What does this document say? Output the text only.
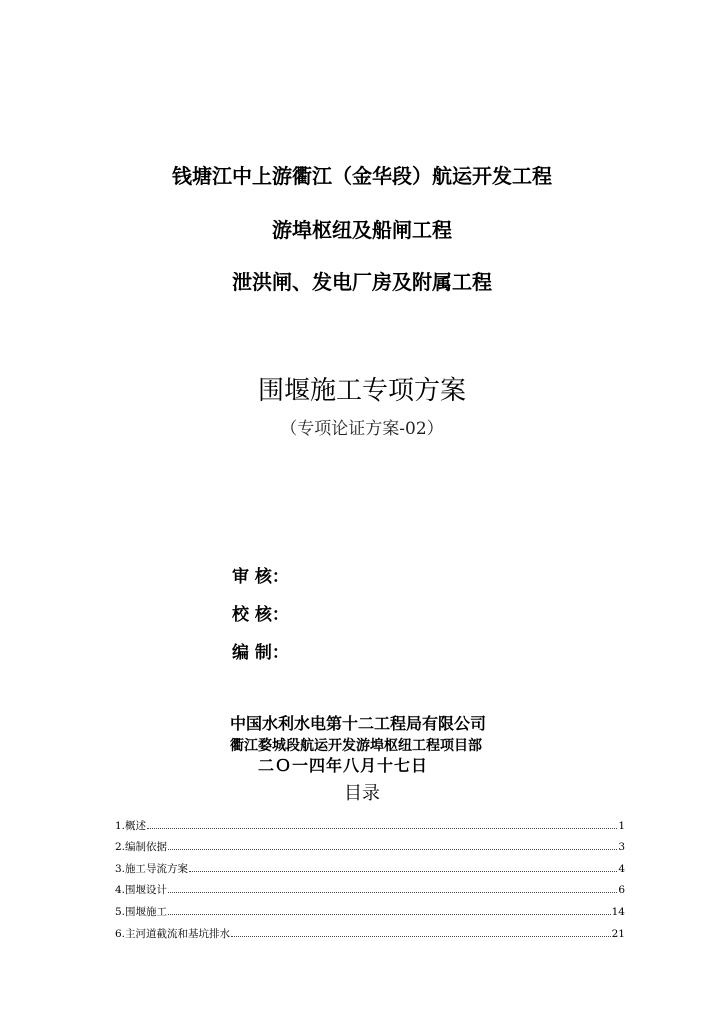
钱塘江中上游衢江（金华段）航运开发工程
游埠枢纽及船闸工程
泄洪闸、发电厂房及附属工程
围堰施工专项方案
（专项论证方案-02）
审 核：
校 核：
编 制：
中国水利水电第十二工程局有限公司
衢江婺城段航运开发游埠枢纽工程项目部
二Ｏ一四年八月十七日
目录
1.概述	1
2.编制依据	3
3.施工导流方案	4
4.围堰设计	6
5.围堰施工	14
6.主河道截流和基坑排水	21
